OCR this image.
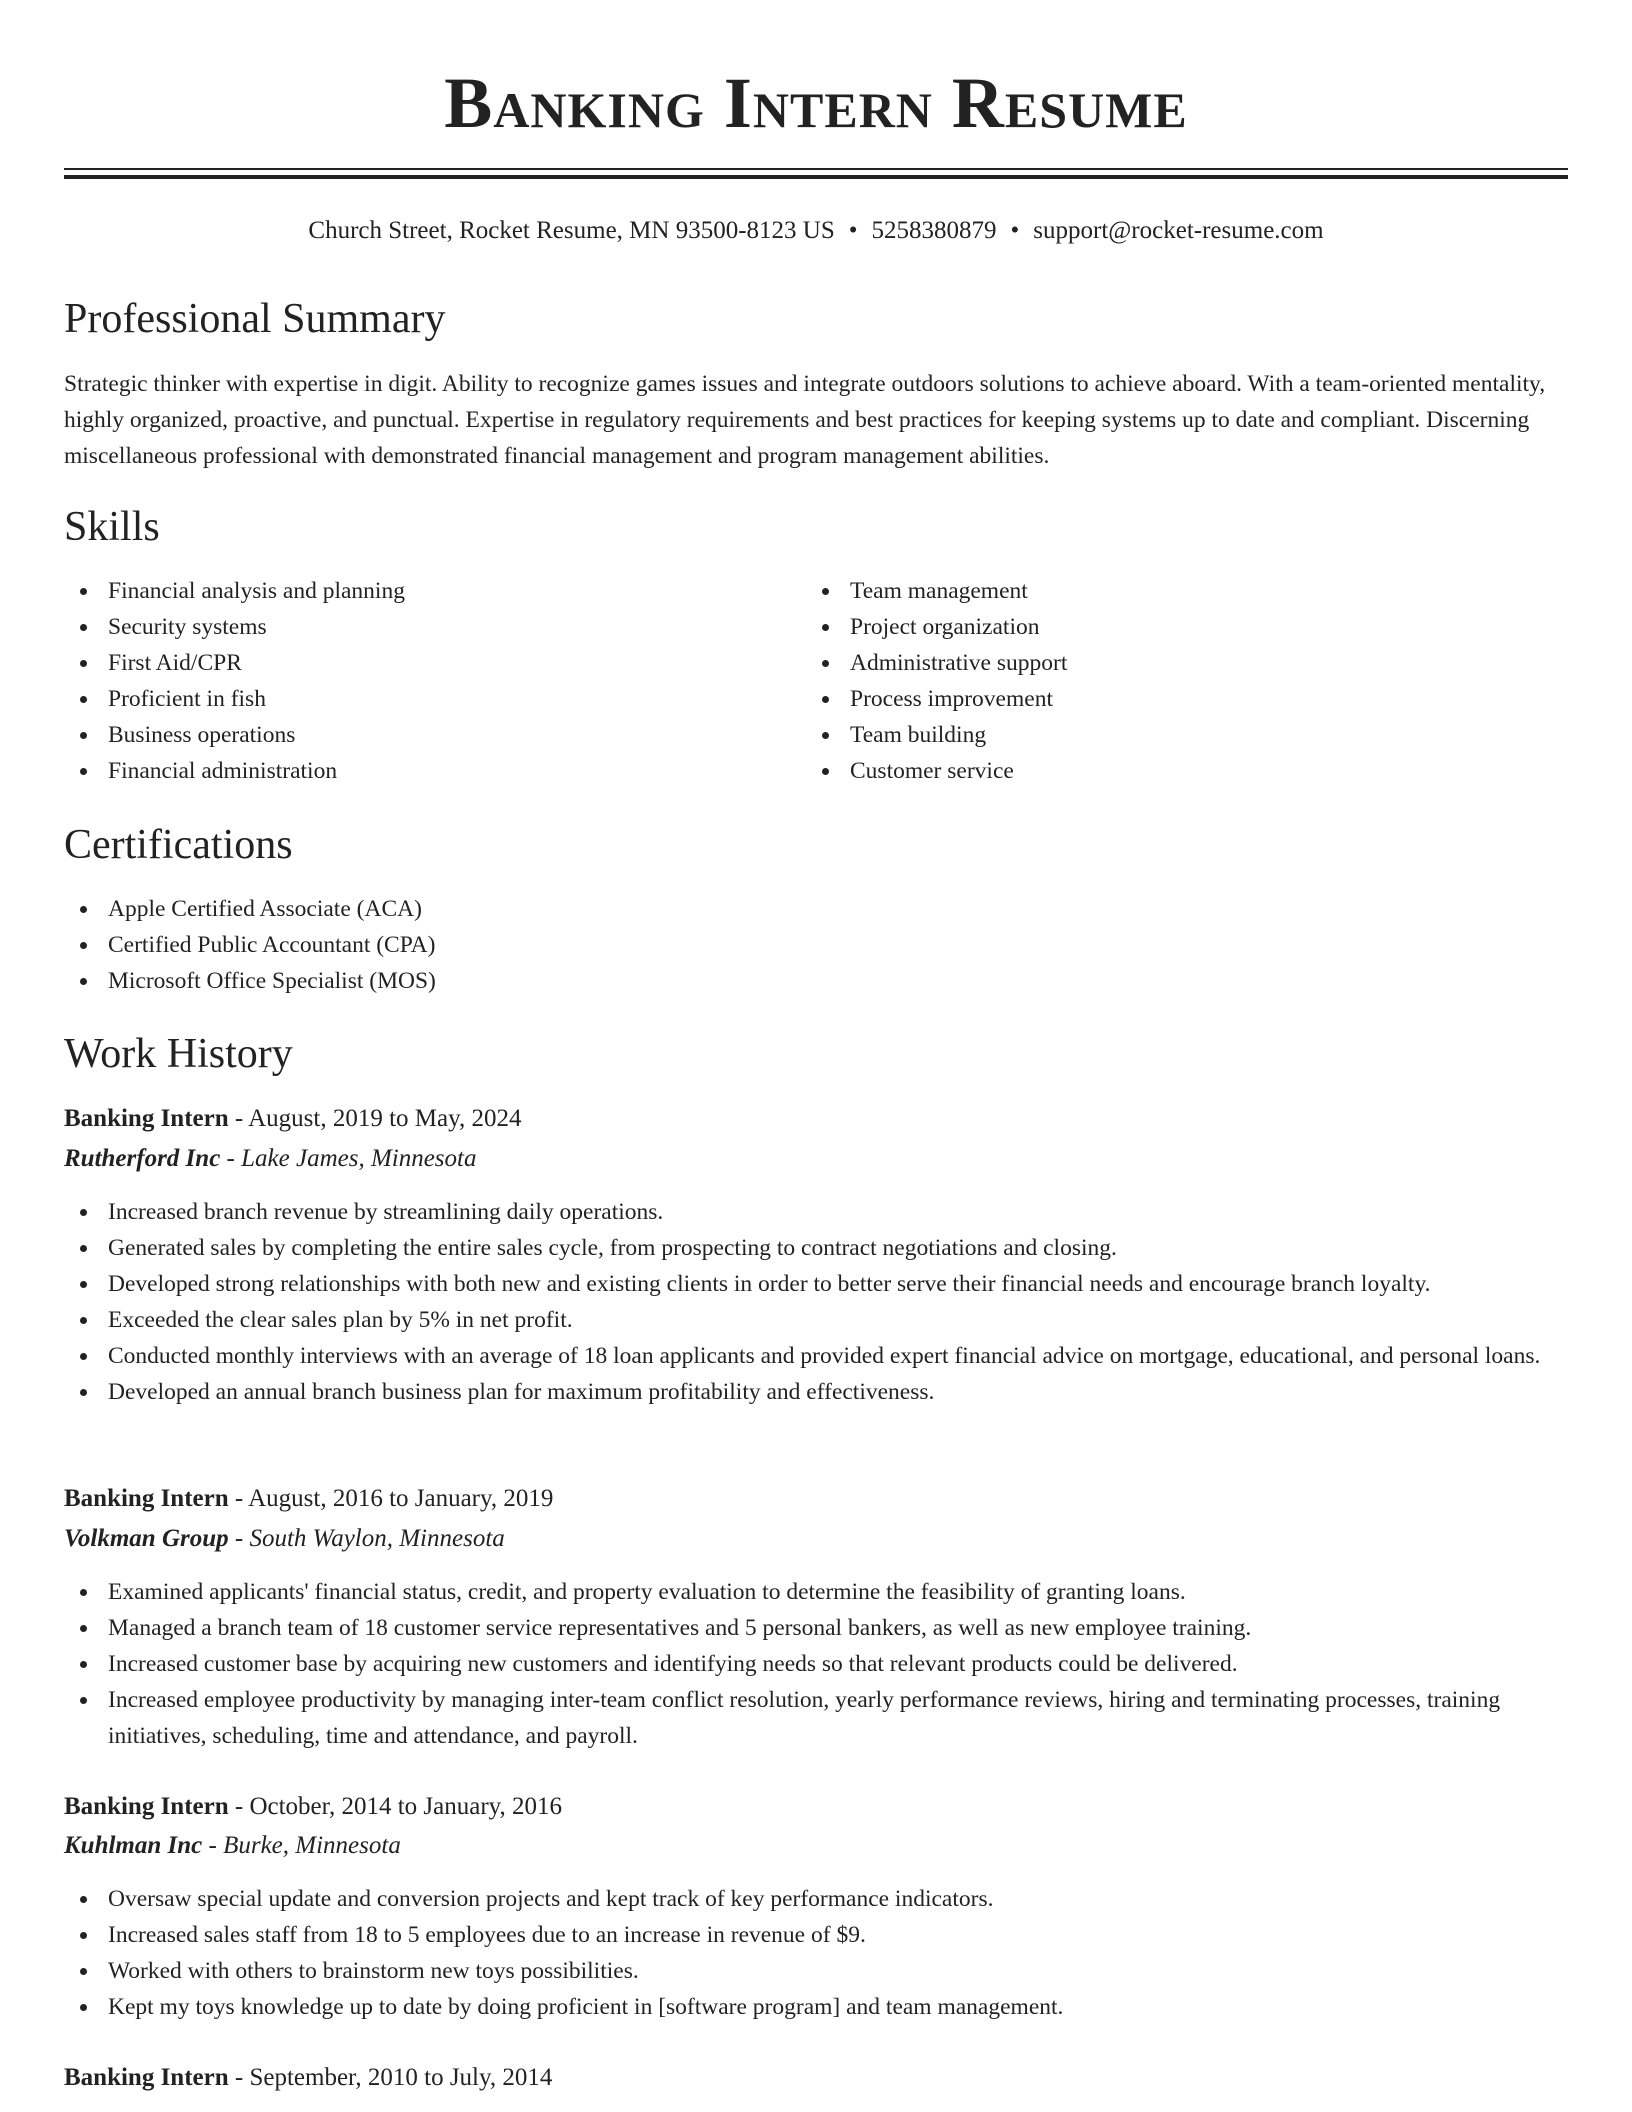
Banking Intern Resume
Church Street, Rocket Resume, MN 93500-8123 US • 5258380879 • support@rocket-resume.com
Professional Summary

Strategic thinker with expertise in digit. Ability to recognize games issues and integrate outdoors solutions to achieve aboard. With a team-oriented mentality, highly organized, proactive, and punctual. Expertise in regulatory requirements and best practices for keeping systems up to date and compliant. Discerning miscellaneous professional with demonstrated financial management and program management abilities.

Skills
Financial analysis and planning
Security systems
First Aid/CPR
Proficient in fish
Business operations
Financial administration
Team management
Project organization
Administrative support
Process improvement
Team building
Customer service
Certifications
Apple Certified Associate (ACA)
Certified Public Accountant (CPA)
Microsoft Office Specialist (MOS)
Work History
Banking Intern - August, 2019 to May, 2024
Rutherford Inc - Lake James, Minnesota
Increased branch revenue by streamlining daily operations.
Generated sales by completing the entire sales cycle, from prospecting to contract negotiations and closing.
Developed strong relationships with both new and existing clients in order to better serve their financial needs and encourage branch loyalty.
Exceeded the clear sales plan by 5% in net profit.
Conducted monthly interviews with an average of 18 loan applicants and provided expert financial advice on mortgage, educational, and personal loans.
Developed an annual branch business plan for maximum profitability and effectiveness.
Banking Intern - August, 2016 to January, 2019
Volkman Group - South Waylon, Minnesota
Examined applicants' financial status, credit, and property evaluation to determine the feasibility of granting loans.
Managed a branch team of 18 customer service representatives and 5 personal bankers, as well as new employee training.
Increased customer base by acquiring new customers and identifying needs so that relevant products could be delivered.
Increased employee productivity by managing inter-team conflict resolution, yearly performance reviews, hiring and terminating processes, training initiatives, scheduling, time and attendance, and payroll.
Banking Intern - October, 2014 to January, 2016
Kuhlman Inc - Burke, Minnesota
Oversaw special update and conversion projects and kept track of key performance indicators.
Increased sales staff from 18 to 5 employees due to an increase in revenue of $9.
Worked with others to brainstorm new toys possibilities.
Kept my toys knowledge up to date by doing proficient in [software program] and team management.
Banking Intern - September, 2010 to July, 2014
